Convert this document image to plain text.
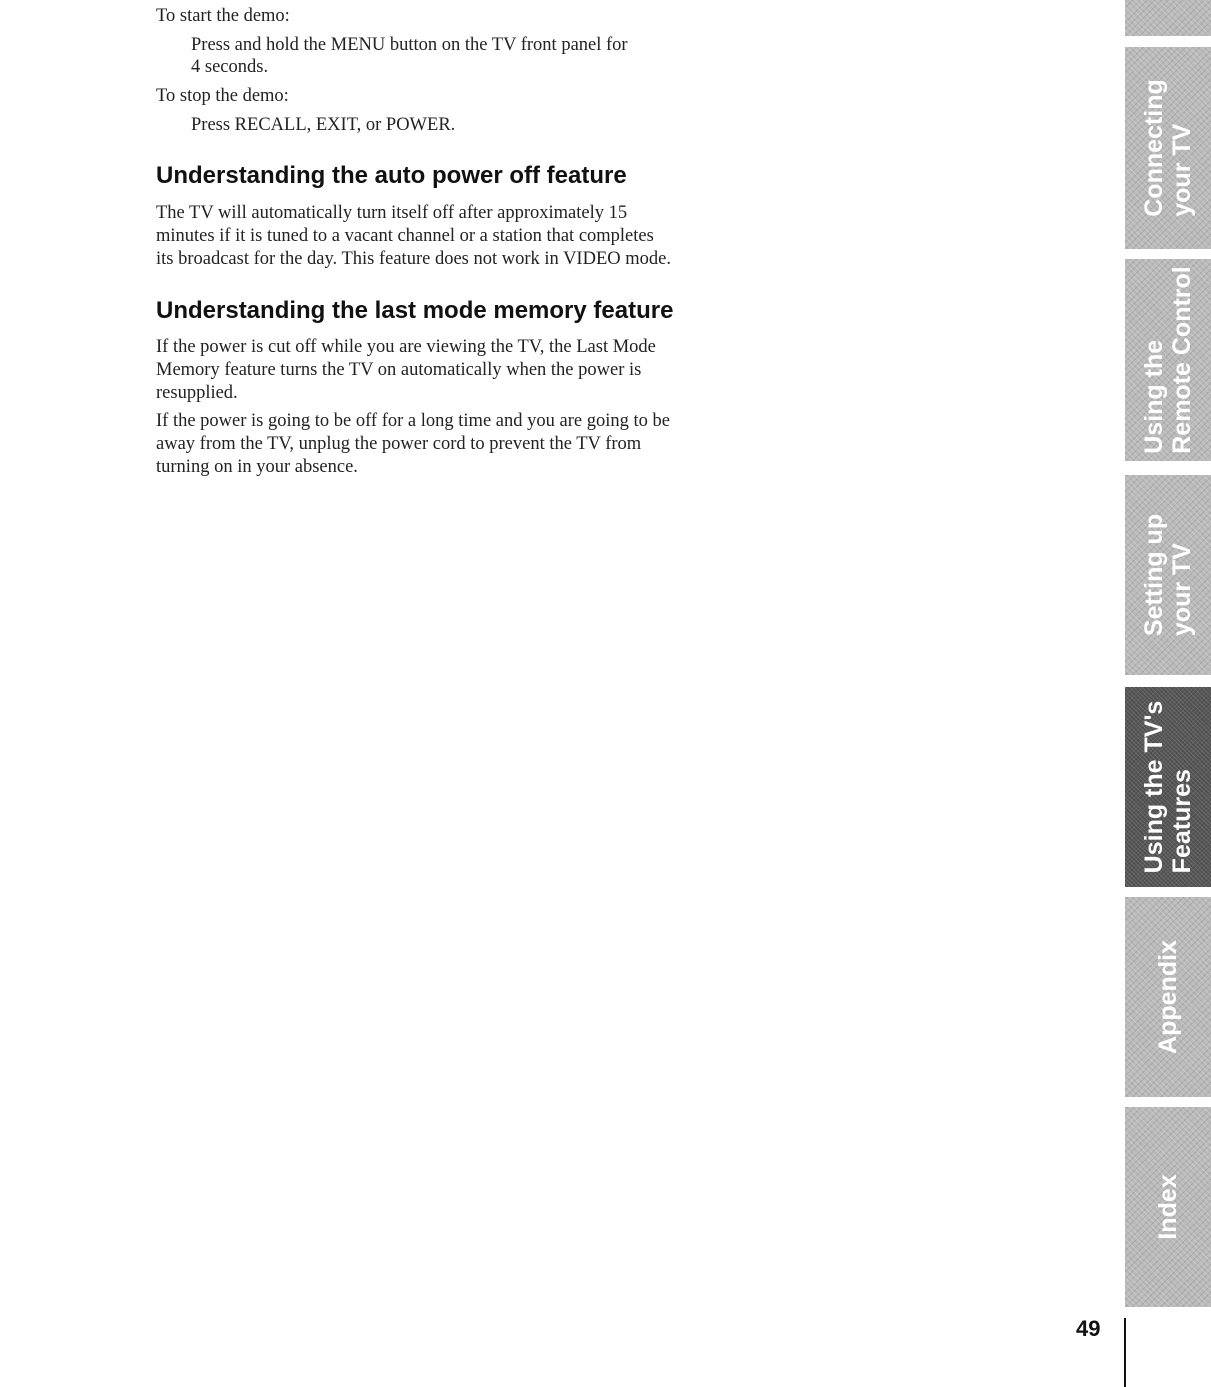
To start the demo:

Press and hold the MENU button on the TV front panel for

4 seconds.

To stop the demo:

Press RECALL, EXIT, or POWER.

Understanding the auto power off feature
The TV will automatically turn itself off after approximately 15
minutes if it is tuned to a vacant channel or a station that completes
its broadcast for the day. This feature does not work in VIDEO mode.
Understanding the last mode memory feature
If the power is cut off while you are viewing the TV, the Last Mode
Memory feature turns the TV on automatically when the power is
resupplied.
If the power is going to be off for a long time and you are going to be
away from the TV, unplug the power cord to prevent the TV from
turning on in your absence.
Connecting your TV
Using the Remote Control
Setting up your TV
Using the TV's Features
Appendix
Index
49
